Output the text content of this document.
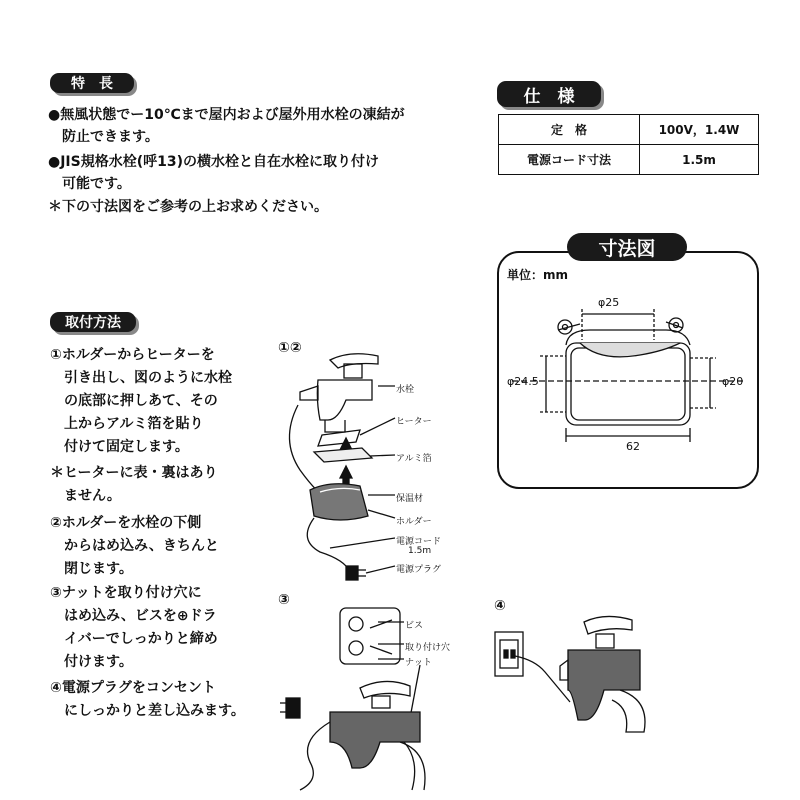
特　長
●無風状態でー10℃まで屋内および屋外用水栓の凍結が
　防止できます。
●JIS規格水栓(呼13)の横水栓と自在水栓に取り付け
　可能です。
＊下の寸法図をご参考の上お求めください。
仕　様
定　格	100V，1.4W
電源コード寸法	1.5m
寸法図
単位：mm
φ25
φ24.5	φ20
62
取付方法
①ホルダーからヒーターを
　引き出し、図のように水栓
　の底部に押しあて、その
　上からアルミ箔を貼り
　付けて固定します。
＊ヒーターに表・裏はあり
　ません。
②ホルダーを水栓の下側
　からはめ込み、きちんと
　閉じます。
③ナットを取り付け穴に
　はめ込み、ビスを⊕ドラ
　イバーでしっかりと締め
　付けます。
④電源プラグをコンセント
　にしっかりと差し込みます。
①②
③	④
水栓
ヒーター
アルミ箔
保温材
ホルダー
電源コード
1.5m
電源プラグ
ビス
取り付け穴
ナット
